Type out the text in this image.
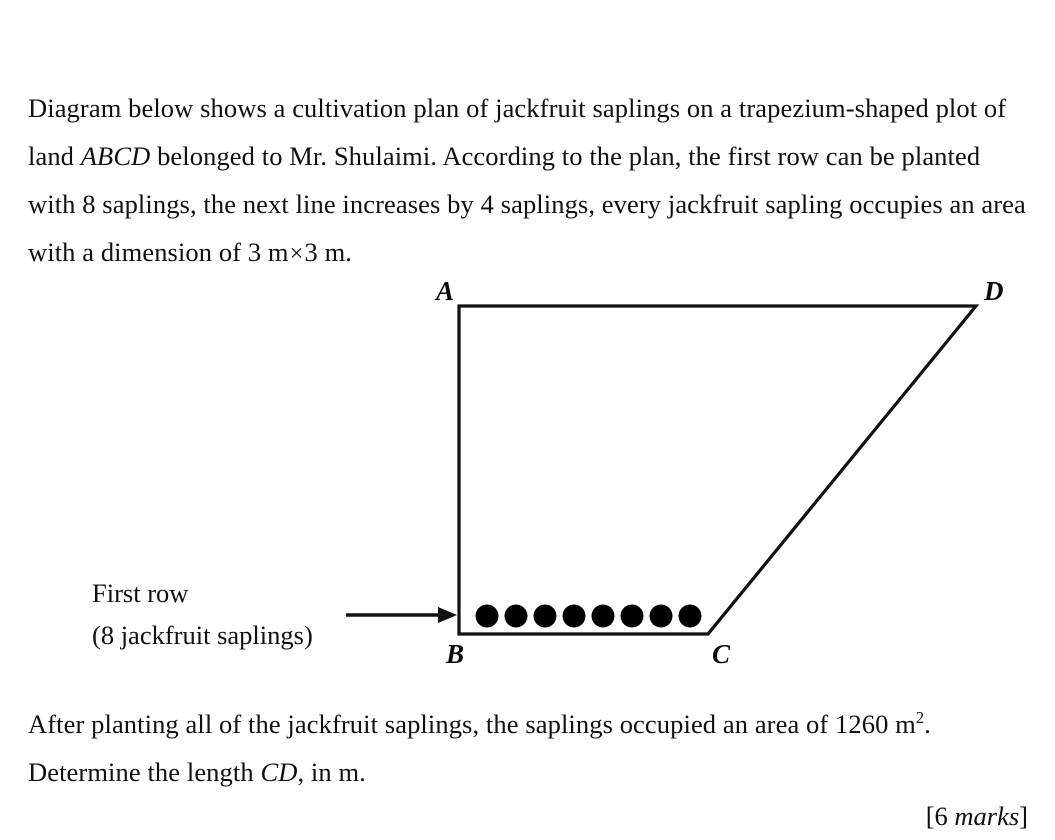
Diagram below shows a cultivation plan of jackfruit saplings on a trapezium-shaped plot of land ABCD belonged to Mr. Shulaimi. According to the plan, the first row can be planted with 8 saplings, the next line increases by 4 saplings, every jackfruit sapling occupies an area with a dimension of 3 m×3 m.
A
B	C
D
First row
(8 jackfruit saplings)
After planting all of the jackfruit saplings, the saplings occupied an area of 1260 $m^2$. Determine the length CD, in m.
[6 marks]
